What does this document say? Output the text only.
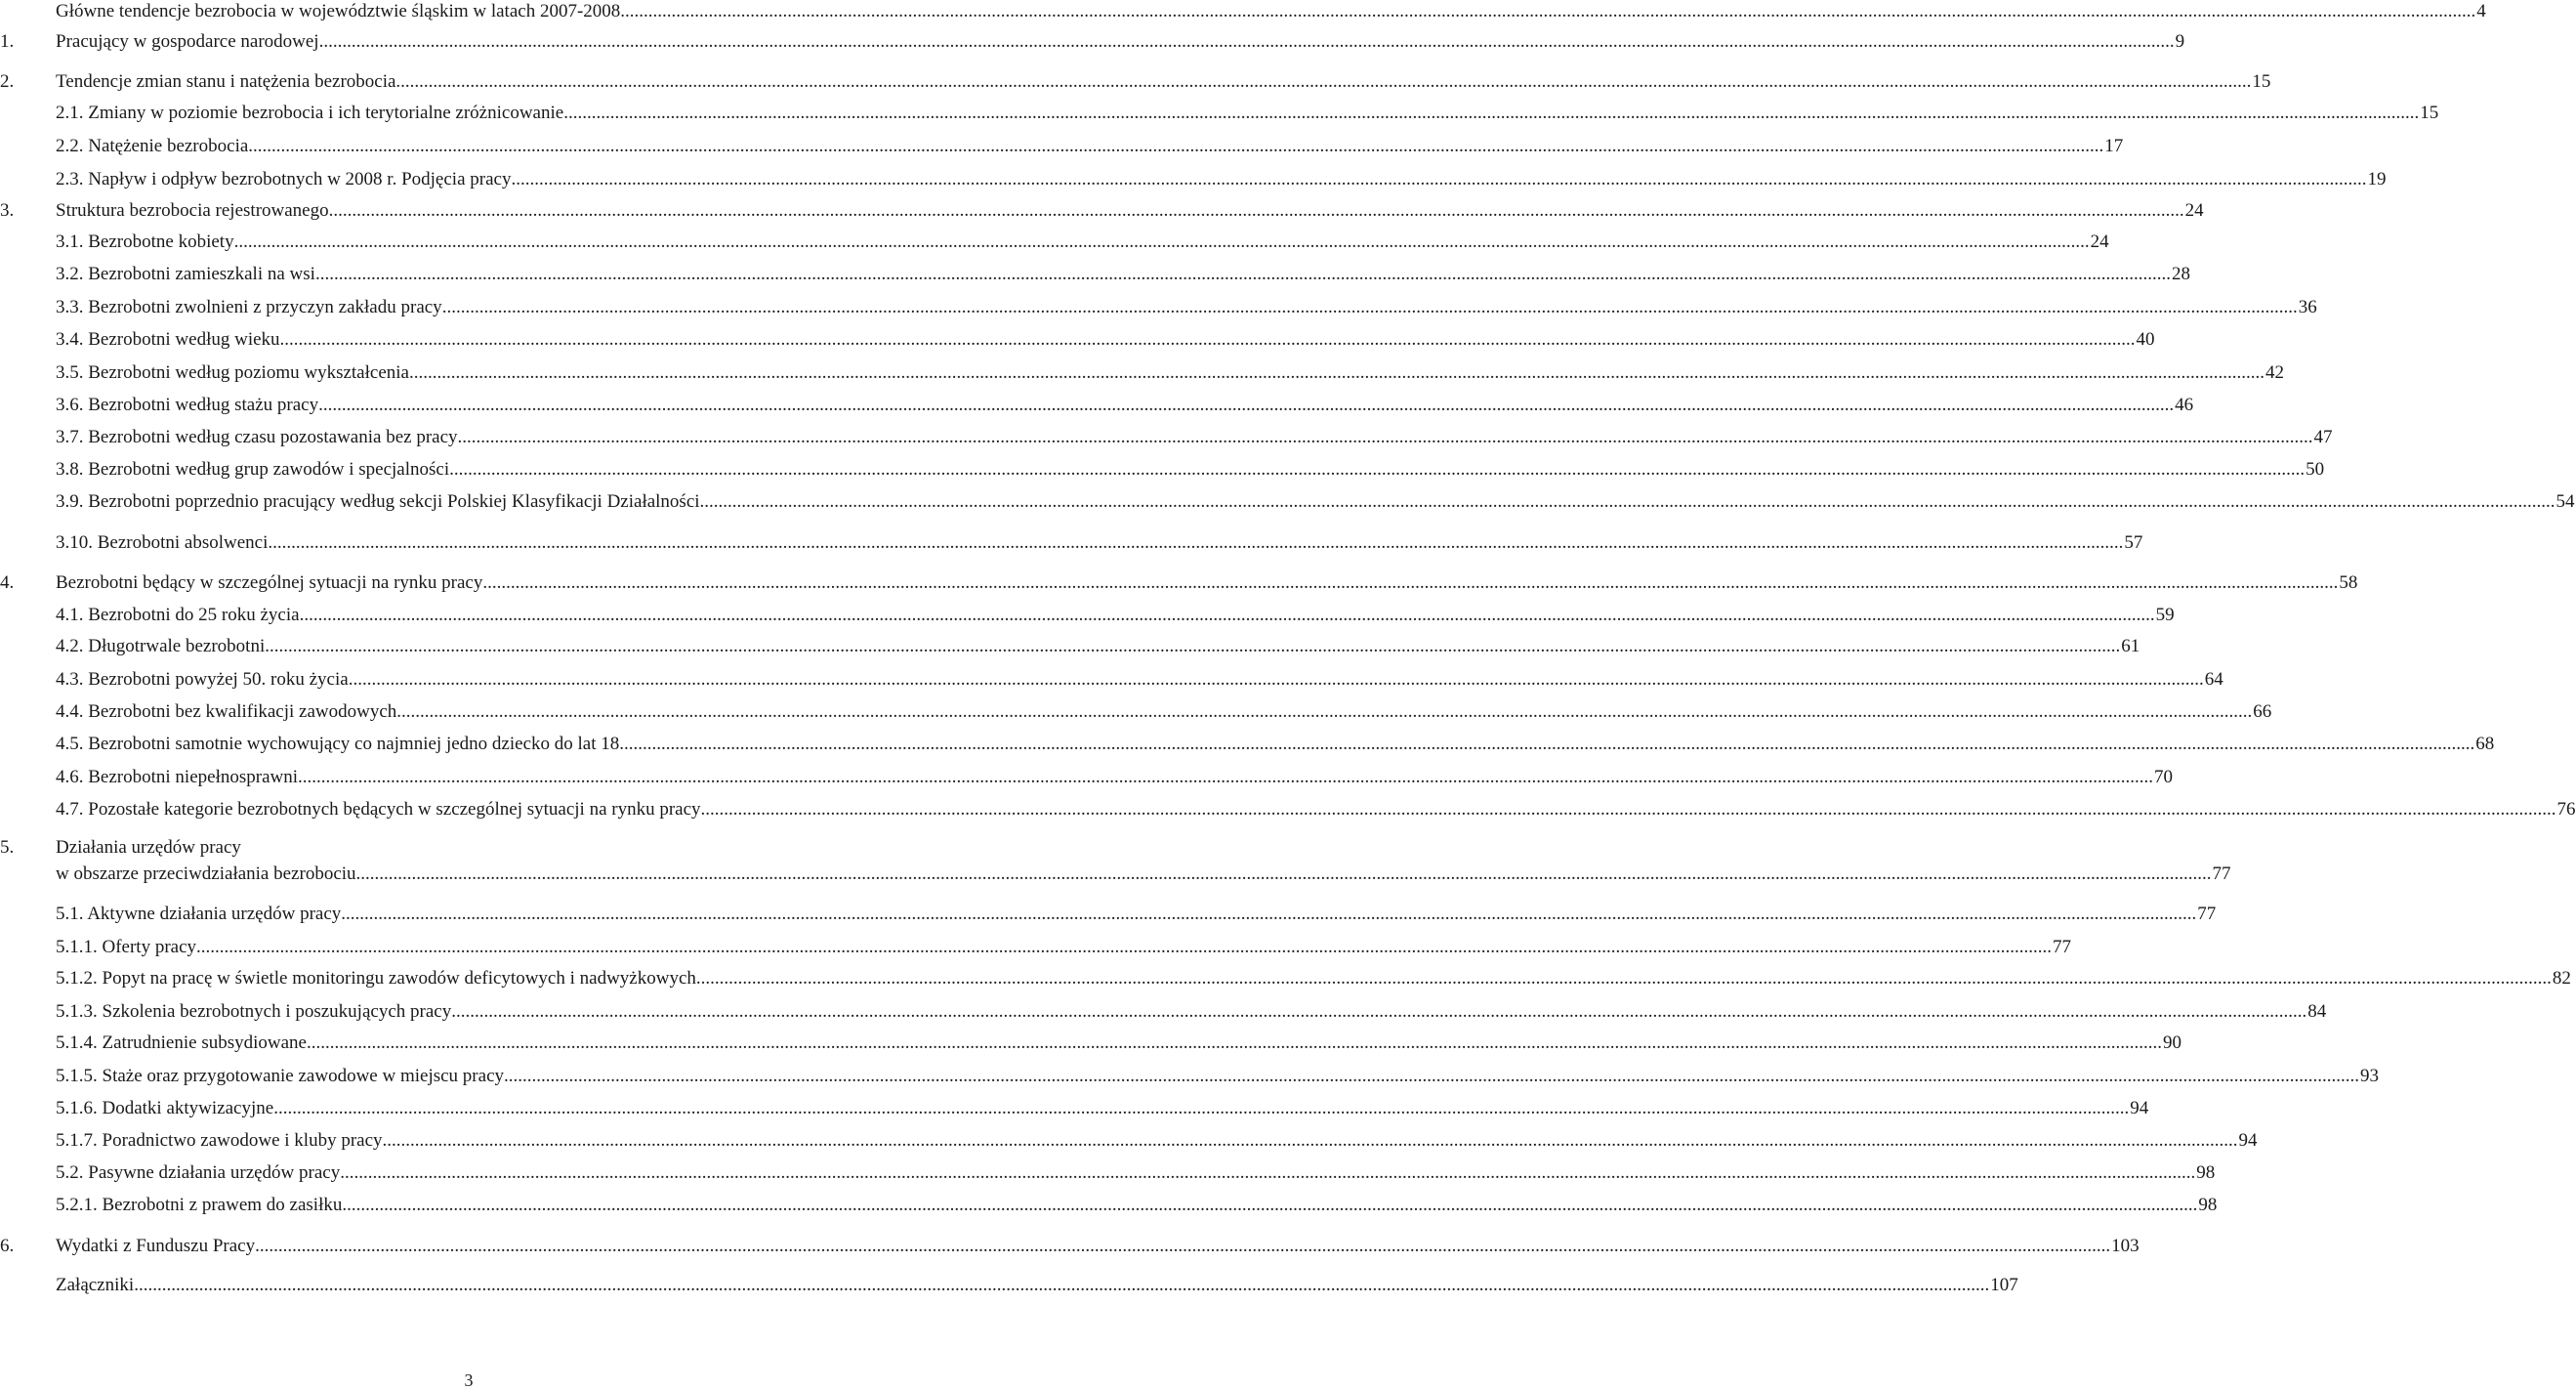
Główne tendencje bezrobocia w województwie śląskim w latach 2007-2008 ................................................................................................................................................................................................................................................................................................................................................................................................................ 4
1. Pracujący w gospodarce narodowej ................................................................................................................................................................................................................................................................................................................................................................................................................ 9
2. Tendencje zmian stanu i natężenia bezrobocia ................................................................................................................................................................................................................................................................................................................................................................................................................ 15
2.1. Zmiany w poziomie bezrobocia i ich terytorialne zróżnicowanie ................................................................................................................................................................................................................................................................................................................................................................................................................ 15
2.2. Natężenie bezrobocia ................................................................................................................................................................................................................................................................................................................................................................................................................ 17
2.3. Napływ i odpływ bezrobotnych w 2008 r. Podjęcia pracy ................................................................................................................................................................................................................................................................................................................................................................................................................ 19
3. Struktura bezrobocia rejestrowanego ................................................................................................................................................................................................................................................................................................................................................................................................................ 24
3.1. Bezrobotne kobiety ................................................................................................................................................................................................................................................................................................................................................................................................................ 24
3.2. Bezrobotni zamieszkali na wsi ................................................................................................................................................................................................................................................................................................................................................................................................................ 28
3.3. Bezrobotni zwolnieni z przyczyn zakładu pracy ................................................................................................................................................................................................................................................................................................................................................................................................................ 36
3.4. Bezrobotni według wieku ................................................................................................................................................................................................................................................................................................................................................................................................................ 40
3.5. Bezrobotni według poziomu wykształcenia ................................................................................................................................................................................................................................................................................................................................................................................................................ 42
3.6. Bezrobotni według stażu pracy ................................................................................................................................................................................................................................................................................................................................................................................................................ 46
3.7. Bezrobotni według czasu pozostawania bez pracy ................................................................................................................................................................................................................................................................................................................................................................................................................ 47
3.8. Bezrobotni według grup zawodów i specjalności ................................................................................................................................................................................................................................................................................................................................................................................................................ 50
3.9. Bezrobotni poprzednio pracujący według sekcji Polskiej Klasyfikacji Działalności ................................................................................................................................................................................................................................................................................................................................................................................................................ 54
3.10. Bezrobotni absolwenci ................................................................................................................................................................................................................................................................................................................................................................................................................ 57
4. Bezrobotni będący w szczególnej sytuacji na rynku pracy ................................................................................................................................................................................................................................................................................................................................................................................................................ 58
4.1. Bezrobotni do 25 roku życia ................................................................................................................................................................................................................................................................................................................................................................................................................ 59
4.2. Długotrwale bezrobotni ................................................................................................................................................................................................................................................................................................................................................................................................................ 61
4.3. Bezrobotni powyżej 50. roku życia ................................................................................................................................................................................................................................................................................................................................................................................................................ 64
4.4. Bezrobotni bez kwalifikacji zawodowych ................................................................................................................................................................................................................................................................................................................................................................................................................ 66
4.5. Bezrobotni samotnie wychowujący co najmniej jedno dziecko do lat 18 ................................................................................................................................................................................................................................................................................................................................................................................................................ 68
4.6. Bezrobotni niepełnosprawni ................................................................................................................................................................................................................................................................................................................................................................................................................ 70
4.7. Pozostałe kategorie bezrobotnych będących w szczególnej sytuacji na rynku pracy ................................................................................................................................................................................................................................................................................................................................................................................................................ 76
5. Działania urzędów pracy
w obszarze przeciwdziałania bezrobociu ................................................................................................................................................................................................................................................................................................................................................................................................................ 77
5.1. Aktywne działania urzędów pracy ................................................................................................................................................................................................................................................................................................................................................................................................................ 77
5.1.1. Oferty pracy ................................................................................................................................................................................................................................................................................................................................................................................................................ 77
5.1.2. Popyt na pracę w świetle monitoringu zawodów deficytowych i nadwyżkowych ................................................................................................................................................................................................................................................................................................................................................................................................................ 82
5.1.3. Szkolenia bezrobotnych i poszukujących pracy ................................................................................................................................................................................................................................................................................................................................................................................................................ 84
5.1.4. Zatrudnienie subsydiowane ................................................................................................................................................................................................................................................................................................................................................................................................................ 90
5.1.5. Staże oraz przygotowanie zawodowe w miejscu pracy ................................................................................................................................................................................................................................................................................................................................................................................................................ 93
5.1.6. Dodatki aktywizacyjne ................................................................................................................................................................................................................................................................................................................................................................................................................ 94
5.1.7. Poradnictwo zawodowe i kluby pracy ................................................................................................................................................................................................................................................................................................................................................................................................................ 94
5.2. Pasywne działania urzędów pracy ................................................................................................................................................................................................................................................................................................................................................................................................................ 98
5.2.1. Bezrobotni z prawem do zasiłku ................................................................................................................................................................................................................................................................................................................................................................................................................ 98
6. Wydatki z Funduszu Pracy ................................................................................................................................................................................................................................................................................................................................................................................................................ 103
Załączniki ................................................................................................................................................................................................................................................................................................................................................................................................................ 107
3
